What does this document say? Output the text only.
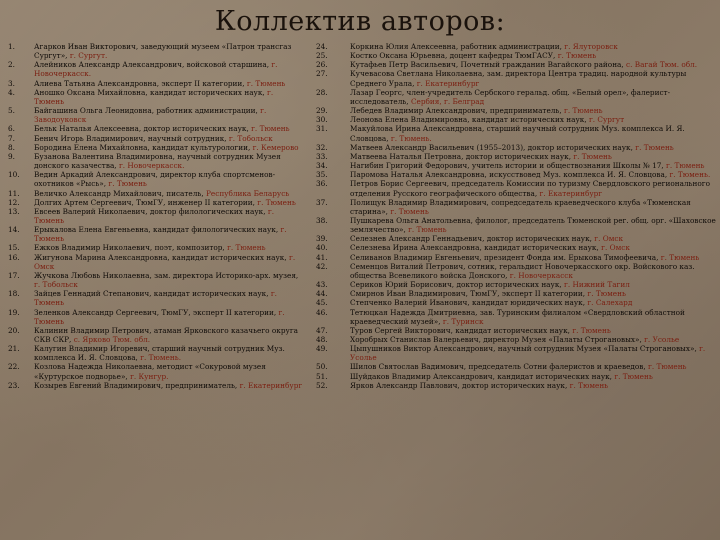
Коллектив авторов:
1.	Агарков Иван Викторович, заведующий музеем «Патрон трансгаз Сургут», г. Сургут.
2.	Алейников Александр Александрович, войсковой старшина, г. Новочеркасск.
3.	Алиева Татьяна Александровна, эксперт II категории, г. Тюмень
4.	Аношко Оксана Михайловна, кандидат исторических наук, г. Тюмень
5.	Байгашина Ольга Леонидовна, работник администрации, г. Заводоуковск
6.	Бельк Наталья Алексеевна, доктор исторических наук, г. Тюмень
7.	Бенич Игорь Владимирович, научный сотрудник, г. Тобольск
8.	Бородина Елена Михайловна, кандидат культурологии, г. Кемерово
9.	Бузанова Валентина Владимировна, научный сотрудник Музея донского казачества, г. Новочеркасск.
10.	Ведин Аркадий Александрович, директор клуба спортсменов-охотников «Рысь», г. Тюмень
11.	Величко Александр Михайлович, писатель, Республика Беларусь
12.	Долгих Артем Сергеевич, ТюмГУ, инженер II категории, г. Тюмень
13.	Евсеев Валерий Николаевич, доктор филологических наук, г. Тюмень
14.	Ерыкалова Елена Евгеньевна, кандидат филологических наук, г. Тюмень
15.	Ежков Владимир Николаевич, поэт, композитор, г. Тюмень
16.	Жигунова Марина Александровна, кандидат исторических наук, г. Омск
17.	Жучкова Любовь Николаевна, зам. директора Историко-арх. музея, г. Тобольск
18.	Зайцев Геннадий Степанович, кандидат исторических наук, г. Тюмень
19.	Зеленков Александр Сергеевич, ТюмГУ, эксперт II категории, г. Тюмень
20.	Калинин Владимир Петрович, атаман Ярковского казачьего округа СКВ СКР, с. Ярково Тюм. обл.
21.	Калугин Владимир Игоревич, старший научный сотрудник Муз. комплекса И. Я. Словцова, г. Тюмень.
22.	Козлова Надежда Николаевна, методист «Сокуровой музея «Куртурское подворье», г. Кунгур.
23.	Козырев Евгений Владимирович, предприниматель, г. Екатеринбург
24.	Коркина Юлия Алексеевна, работник администрации, г. Ялуторовск
25.	Костко Оксана Юрьевна, доцент кафедры ТюмГАСУ, г. Тюмень
26.	Кутафьев Петр Васильевич, Почетный гражданин Вагайского района, с. Вагай Тюм. обл.
27.	Кучевасова Светлана Николаевна, зам. директора Центра традиц. народной культуры Среднего Урала, г. Екатеринбург
28.	Лазар Георгс, член-учредитель Сербского геральд. общ. «Белый орел», фалерист-исследователь, Сербия, г. Белград
29.	Лебедев Владимир Александрович, предприниматель, г. Тюмень
30.	Леонова Елена Владимировна, кандидат исторических наук, г. Сургут
31.	Макуйлова Ирина Александровна, старший научный сотрудник Муз. комплекса И. Я. Словцова, г. Тюмень.
32.	Матвеев Александр Васильевич (1955–2013), доктор исторических наук, г. Тюмень
33.	Матвеева Наталья Петровна, доктор исторических наук, г. Тюмень
34.	Нагибин Григорий Федорович, учитель истории и обществознания Школы № 17, г. Тюмень
35.	Паромова Наталья Александровна, искусствовед Муз. комплекса И. Я. Словцова, г. Тюмень.
36.	Петров Борис Сергеевич, председатель Комиссии по туризму Свердловского регионального отделения Русского географического общества, г. Екатеринбург
37.	Полищук Владимир Владимирович, сопредседатель краеведческого клуба «Тюменская старина», г. Тюмень
38.	Пушкарева Ольга Анатольевна, филолог, председатель Тюменской рег. общ. орг. «Шаховское землячество», г. Тюмень
39.	Селезнев Александр Геннадьевич, доктор исторических наук, г. Омск
40.	Селезнева Ирина Александровна, кандидат исторических наук, г. Омск
41.	Селиванов Владимир Евгеньевич, президент Фонда им. Ерыкова Тимофеевича, г. Тюмень
42.	Семенцов Виталий Петрович, сотник, геральдист Новочеркасского окр. Войскового каз. общества Всевеликого войска Донского, г. Новочеркасск
43.	Сериков Юрий Борисович, доктор исторических наук, г. Нижний Тагил
44.	Смирнов Иван Владимирович, ТюмГУ, эксперт II категории, г. Тюмень
45.	Степченко Валерий Иванович, кандидат юридических наук, г. Салехард
46.	Тетюцкая Надежда Дмитриевна, зав. Туринским филиалом «Свердловский областной краеведческий музей», г. Туринск
47.	Туров Сергей Викторович, кандидат исторических наук, г. Тюмень
48.	Хоробрых Станислав Валерьевич, директор Музея «Палаты Строгановых», г. Усолье
49.	Цыпушников Виктор Александрович, научный сотрудник Музея «Палаты Строгановых», г. Усолье
50.	Шилов Святослав Вадимович, председатель Сотни фалеристов и краеведов, г. Тюмень
51.	Шуйдаков Владимир Александрович, кандидат исторических наук, г. Тюмень
52.	Ярков Александр Павлович, доктор исторических наук, г. Тюмень
